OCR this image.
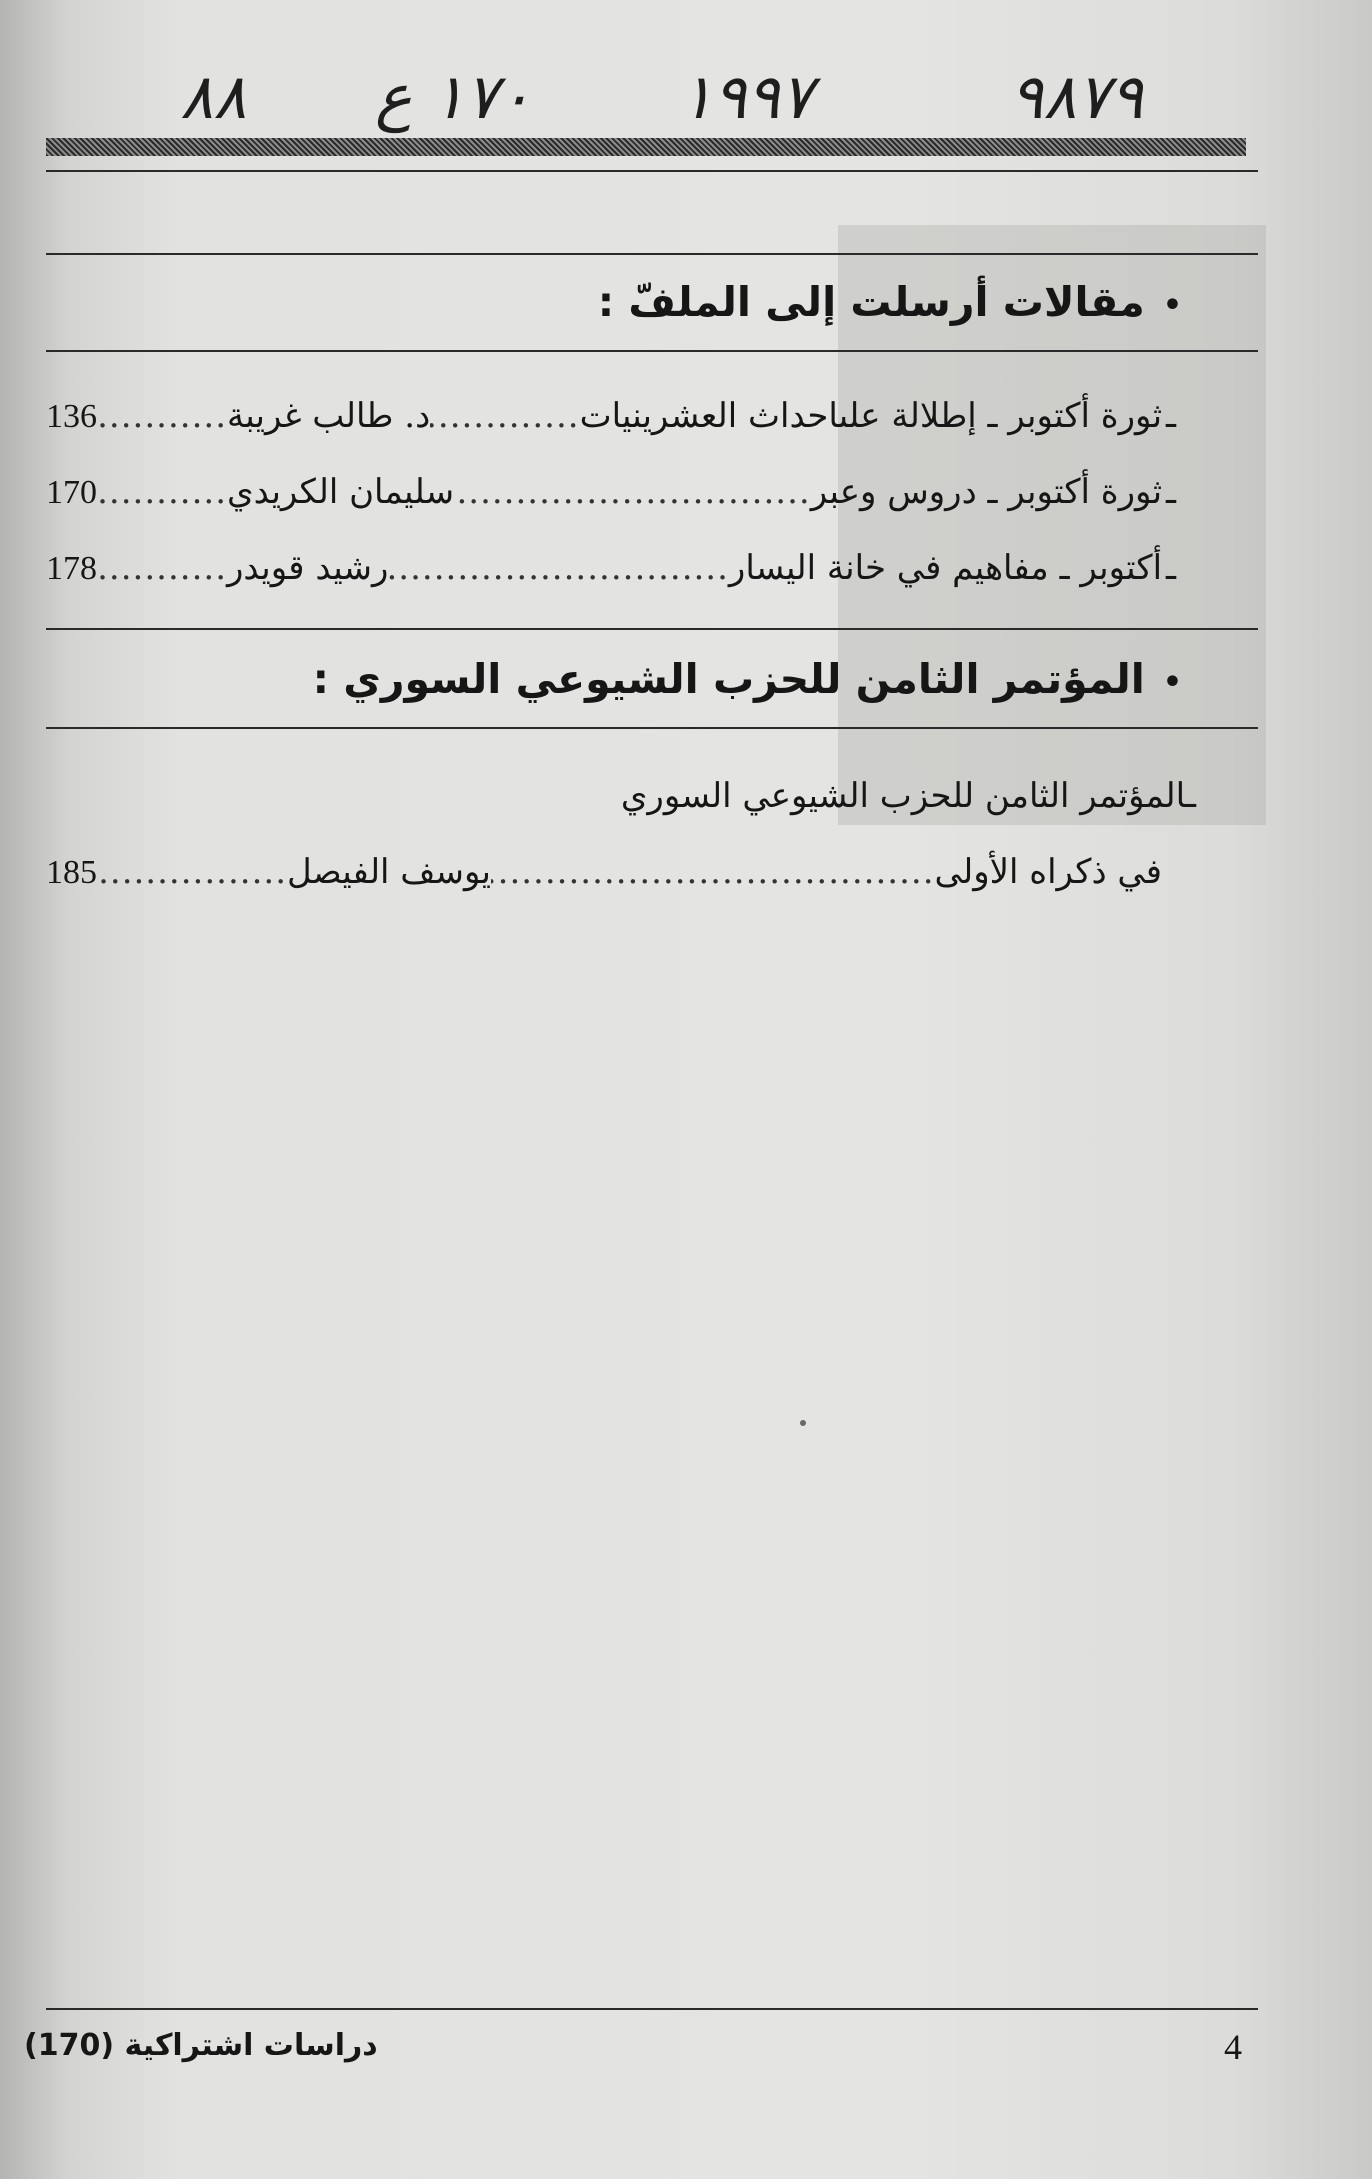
٩٨٧٩
١٩٩٧
١٧٠ ع
٨٨
•مقالات أرسلت إلى الملفّ :
ـ
ثورة أكتوبر ـ إطلالة علىاحداث العشرينيات
.....
د. طالب غريبة
.....
136
ـ
ثورة أكتوبر ـ دروس وعبر
.....
سليمان الكريدي
.....
170
ـ
أكتوبر ـ مفاهيم في خانة اليسار
.....
رشيد قويدر
.....
178
•المؤتمر الثامن للحزب الشيوعي السوري :
ـالمؤتمر الثامن للحزب الشيوعي السوري
في ذكراه الأولى
.....
يوسف الفيصل
.....
185
دراسات اشتراكية (170)	4
